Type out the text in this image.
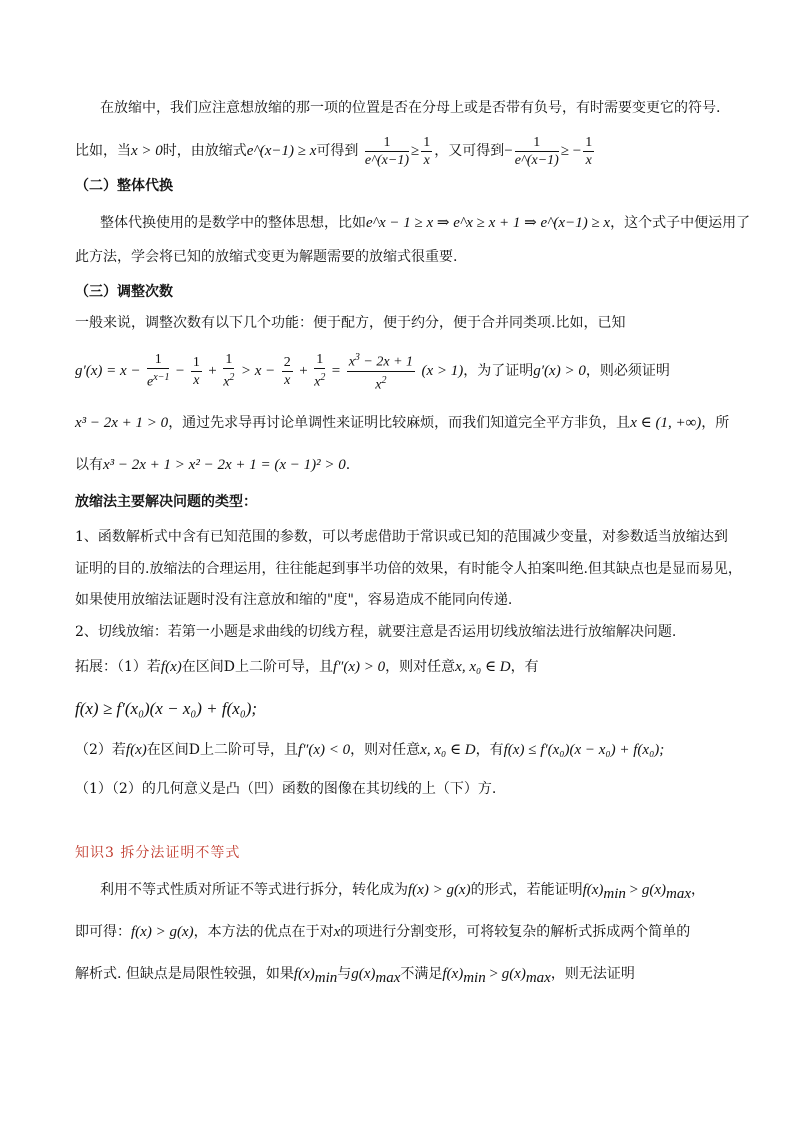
在放缩中，我们应注意想放缩的那一项的位置是否在分母上或是否带有负号，有时需要变更它的符号.
比如，当x > 0时，由放缩式e^(x−1) ≥ x可得到 $\frac{1}{e\^{}(x-1)} \ge \frac{1}{x}$ ，又可得到− $\frac{1}{e\^{}(x-1)}$ ≥ − $\frac{1}{x}$
（二）整体代换
整体代换使用的是数学中的整体思想，比如e^x − 1 ≥ x ⇒ e^x ≥ x + 1 ⇒ e^(x−1) ≥ x，这个式子中便运用了
此方法，学会将已知的放缩式变更为解题需要的放缩式很重要.
（三）调整次数
一般来说，调整次数有以下几个功能：便于配方，便于约分，便于合并同类项.比如，已知
$g'(x) = x - \frac{1}{e^{x-1}} - \frac{1}{x} + \frac{1}{x^2} > x - \frac{2}{x} + \frac{1}{x^2} = \frac{x^3 - 2x + 1}{x^2} (x > 1)$，为了证明g′(x) > 0，则必须证明
x³ − 2x + 1 > 0，通过先求导再讨论单调性来证明比较麻烦，而我们知道完全平方非负，且x ∈ (1, +∞)，所
以有x³ − 2x + 1 > x² − 2x + 1 = (x − 1)² > 0.
放缩法主要解决问题的类型：
1、函数解析式中含有已知范围的参数，可以考虑借助于常识或已知的范围减少变量，对参数适当放缩达到
证明的目的.放缩法的合理运用，往往能起到事半功倍的效果，有时能令人拍案叫绝.但其缺点也是显而易见，
如果使用放缩法证题时没有注意放和缩的"度"，容易造成不能同向传递.
2、切线放缩：若第一小题是求曲线的切线方程，就要注意是否运用切线放缩法进行放缩解决问题.
拓展：（1）若f(x)在区间D上二阶可导，且f″(x) > 0，则对任意x, x₀ ∈ D，有
f(x) ≥ f′(x₀)(x − x₀) + f(x₀);
（2）若f(x)在区间D上二阶可导，且f″(x) < 0，则对任意x, x₀ ∈ D，有f(x) ≤ f′(x₀)(x − x₀) + f(x₀);
（1）（2）的几何意义是凸（凹）函数的图像在其切线的上（下）方.
知识3 拆分法证明不等式
利用不等式性质对所证不等式进行拆分，转化成为f(x) > g(x)的形式，若能证明$f(x)_{min} > g(x)_{max}$，
即可得：f(x) > g(x)，本方法的优点在于对x的项进行分割变形，可将较复杂的解析式拆成两个简单的
解析式. 但缺点是局限性较强，如果$f(x)_{min}$与$g(x)_{max}$不满足$f(x)_{min} > g(x)_{max}$，则无法证明
